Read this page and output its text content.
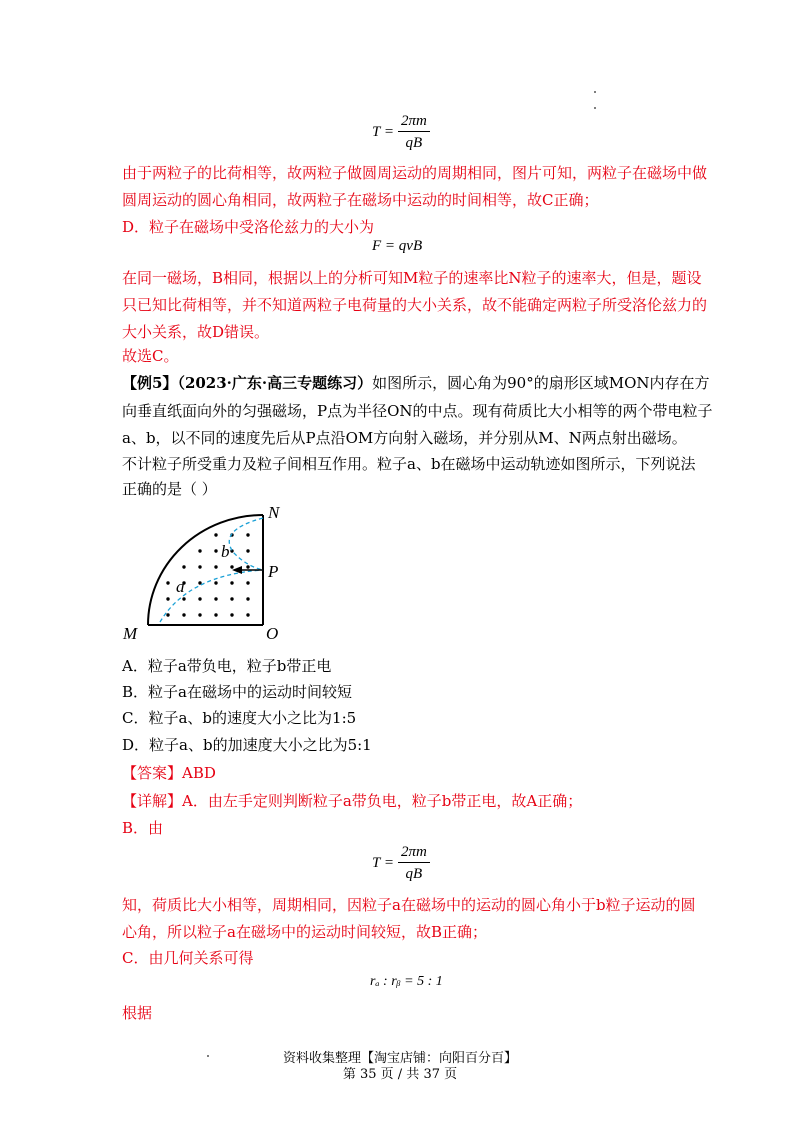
$T = \frac{2\pi m}{qB}$
由于两粒子的比荷相等，故两粒子做圆周运动的周期相同，图片可知，两粒子在磁场中做
圆周运动的圆心角相同，故两粒子在磁场中运动的时间相等，故C正确；
D．粒子在磁场中受洛伦兹力的大小为
F = qvB
在同一磁场，B相同，根据以上的分析可知M粒子的速率比N粒子的速率大，但是，题设
只已知比荷相等，并不知道两粒子电荷量的大小关系，故不能确定两粒子所受洛伦兹力的
大小关系，故D错误。
故选C。
【例5】（2023·广东·高三专题练习）如图所示，圆心角为90°的扇形区域MON内存在方
向垂直纸面向外的匀强磁场，P点为半径ON的中点。现有荷质比大小相等的两个带电粒子
a、b，以不同的速度先后从P点沿OM方向射入磁场，并分别从M、N两点射出磁场。
不计粒子所受重力及粒子间相互作用。粒子a、b在磁场中运动轨迹如图所示，下列说法
正确的是（ ）
N
P
M	O
a
b
A．粒子a带负电，粒子b带正电
B．粒子a在磁场中的运动时间较短
C．粒子a、b的速度大小之比为1:5
D．粒子a、b的加速度大小之比为5:1
【答案】ABD
【详解】A．由左手定则判断粒子a带负电，粒子b带正电，故A正确；
B．由
$T = \frac{2\pi m}{qB}$
知，荷质比大小相等，周期相同，因粒子a在磁场中的运动的圆心角小于b粒子运动的圆
心角，所以粒子a在磁场中的运动时间较短，故B正确；
C．由几何关系可得
rₐ : rᵦ = 5 : 1
根据
资料收集整理【淘宝店铺：向阳百分百】
第 35 页 / 共 37 页
